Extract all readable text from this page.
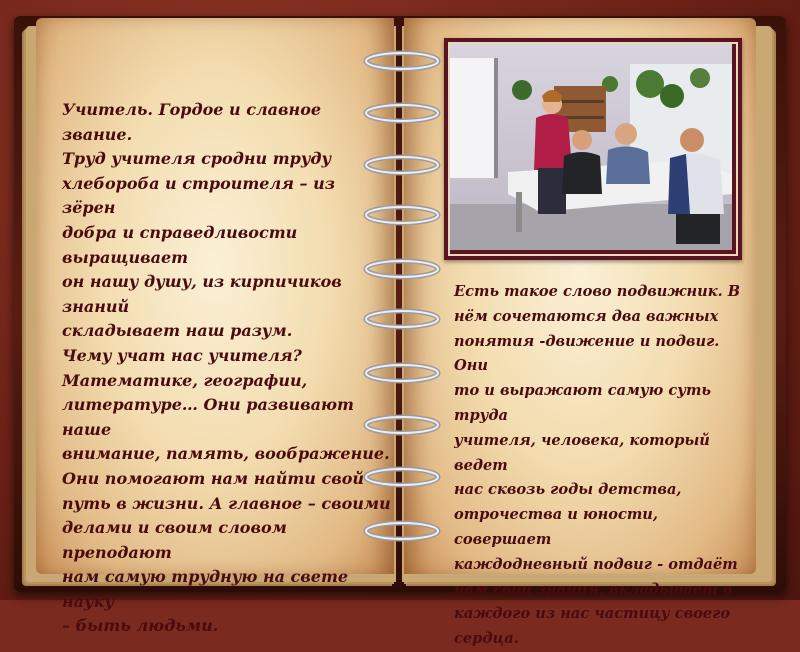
Учитель. Гордое и славное звание.
Труд учителя сродни труду
хлебороба и строителя – из зёрен
добра и справедливости выращивает
он нашу душу, из кирпичиков знаний
складывает наш разум.
Чему учат нас учителя?
Математике, географии,
литературе… Они развивают наше
внимание, память, воображение.
Они помогают нам найти свой
путь в жизни. А главное – своими
делами и своим словом преподают
нам самую трудную на свете науку
– быть людьми.
Есть такое слово подвижник. В
нём сочетаются два важных
понятия -движение и подвиг. Они
то и выражают самую суть труда
учителя, человека, который ведет
нас сквозь годы детства,
отрочества и юности, совершает
каждодневный подвиг - отдаёт
нам свои знания, вкладывает в
каждого из нас частицу своего
сердца.
